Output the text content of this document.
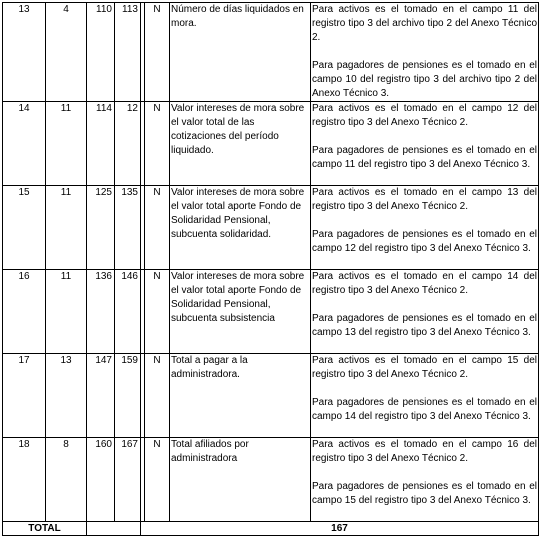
13	4	110	113		N	Número de días liquidados en mora.	Para activos es el tomado en el campo 11 del registro tipo 3 del archivo tipo 2 del Anexo Técnico 2.
Para pagadores de pensiones es el tomado en el campo 10 del registro tipo 3 del archivo tipo 2 del Anexo Técnico 3.

14	11	114	12		N	Valor intereses de mora sobre el valor total de las cotizaciones del período liquidado.	Para activos es el tomado en el campo 12 del registro tipo 3 del Anexo Técnico 2.
Para pagadores de pensiones es el tomado en el campo 11 del registro tipo 3 del Anexo Técnico 3.

15	11	125	135		N	Valor intereses de mora sobre el valor total aporte Fondo de Solidaridad Pensional, subcuenta solidaridad.	Para activos es el tomado en el campo 13 del registro tipo 3 del Anexo Técnico 2.
Para pagadores de pensiones es el tomado en el campo 12 del registro tipo 3 del Anexo Técnico 3.

16	11	136	146		N	Valor intereses de mora sobre el valor total aporte Fondo de Solidaridad Pensional, subcuenta subsistencia	Para activos es el tomado en el campo 14 del registro tipo 3 del Anexo Técnico 2.
Para pagadores de pensiones es el tomado en el campo 13 del registro tipo 3 del Anexo Técnico 3.

17	13	147	159		N	Total a pagar a la administradora.	Para activos es el tomado en el campo 15 del registro tipo 3 del Anexo Técnico 2.
Para pagadores de pensiones es el tomado en el campo 14 del registro tipo 3 del Anexo Técnico 3.

18	8	160	167		N	Total afiliados por administradora	Para activos es el tomado en el campo 16 del registro tipo 3 del Anexo Técnico 2.
Para pagadores de pensiones es el tomado en el campo 15 del registro tipo 3 del Anexo Técnico 3.

TOTAL				167			
